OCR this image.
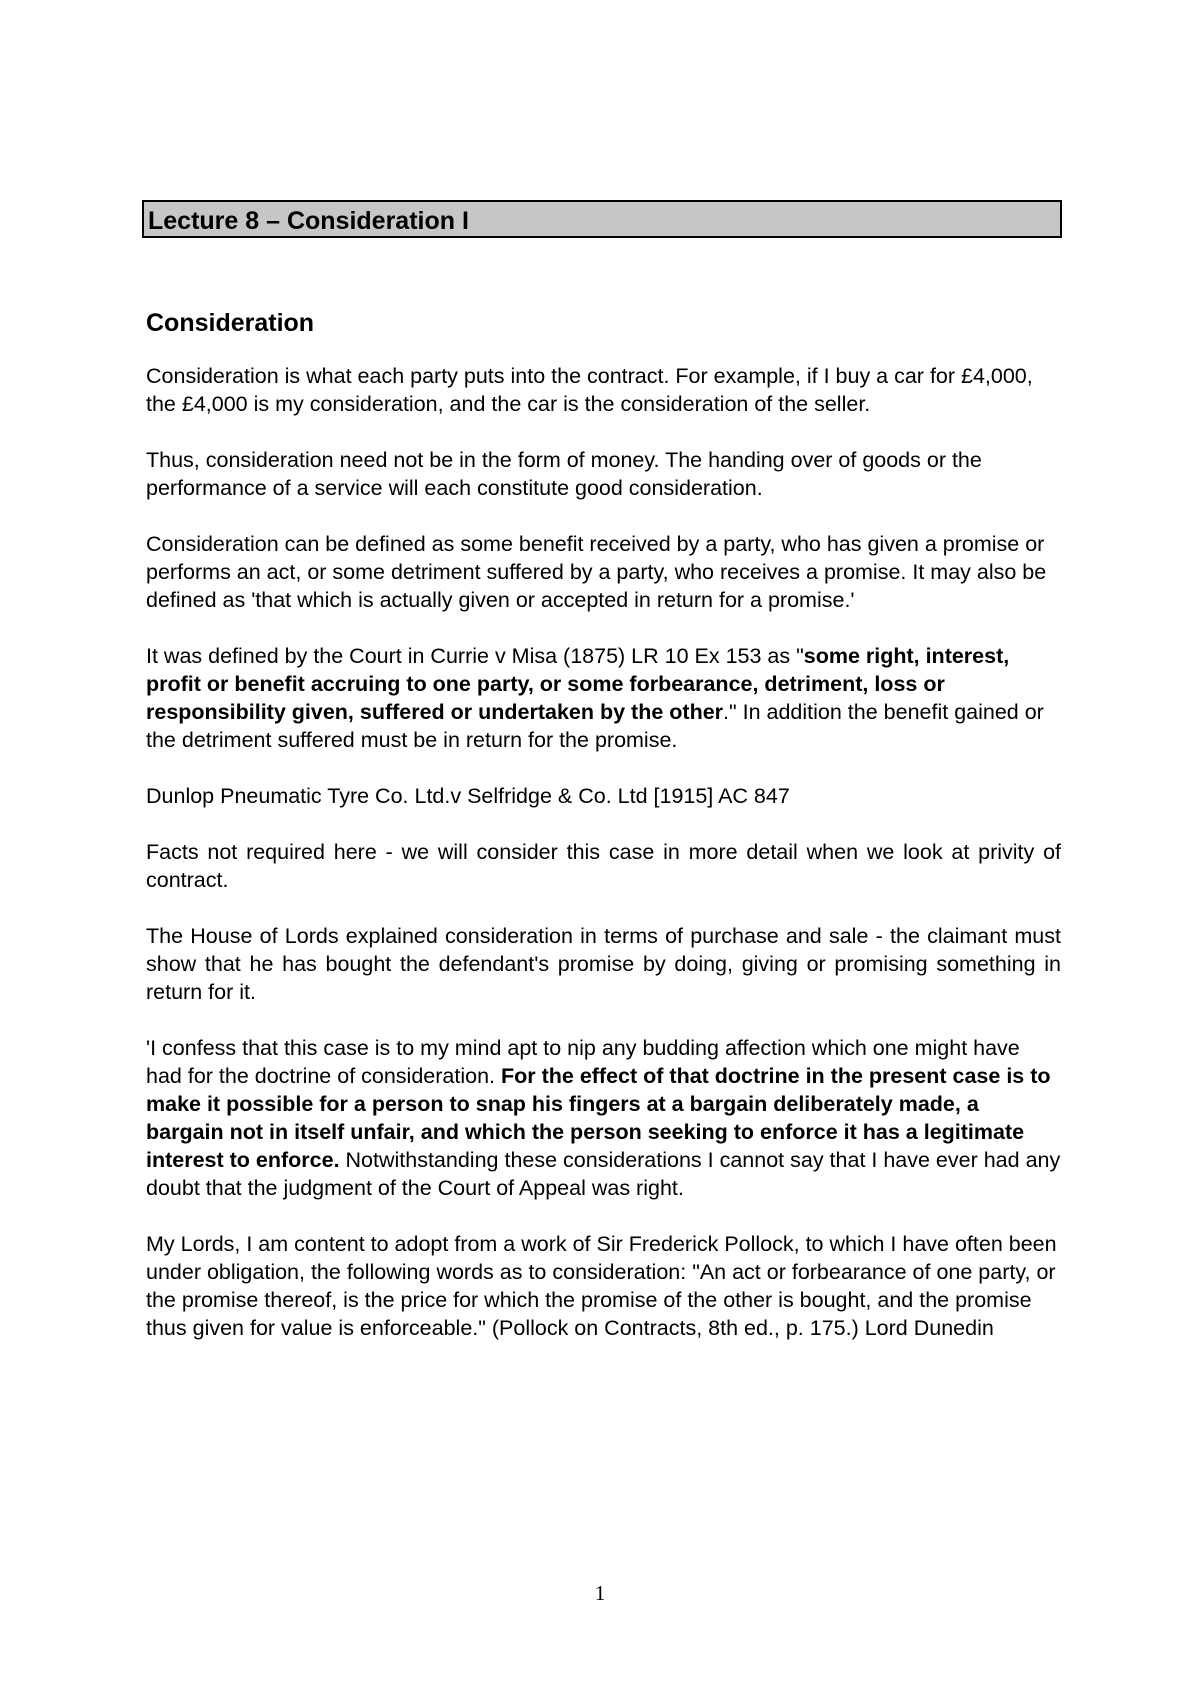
Lecture 8 – Consideration I
Consideration

Consideration is what each party puts into the contract. For example, if I buy a car for £4,000, the £4,000 is my consideration, and the car is the consideration of the seller.

Thus, consideration need not be in the form of money. The handing over of goods or the performance of a service will each constitute good consideration.

Consideration can be defined as some benefit received by a party, who has given a promise or performs an act, or some detriment suffered by a party, who receives a promise. It may also be defined as 'that which is actually given or accepted in return for a promise.'

It was defined by the Court in Currie v Misa (1875) LR 10 Ex 153 as "some right, interest, profit or benefit accruing to one party, or some forbearance, detriment, loss or responsibility given, suffered or undertaken by the other." In addition the benefit gained or the detriment suffered must be in return for the promise.

Dunlop Pneumatic Tyre Co. Ltd.v Selfridge & Co. Ltd [1915] AC 847

Facts not required here - we will consider this case in more detail when we look at privity of contract.

The House of Lords explained consideration in terms of purchase and sale - the claimant must show that he has bought the defendant's promise by doing, giving or promising something in return for it.

'I confess that this case is to my mind apt to nip any budding affection which one might have had for the doctrine of consideration. For the effect of that doctrine in the present case is to make it possible for a person to snap his fingers at a bargain deliberately made, a bargain not in itself unfair, and which the person seeking to enforce it has a legitimate interest to enforce. Notwithstanding these considerations I cannot say that I have ever had any doubt that the judgment of the Court of Appeal was right.

My Lords, I am content to adopt from a work of Sir Frederick Pollock, to which I have often been under obligation, the following words as to consideration: "An act or forbearance of one party, or the promise thereof, is the price for which the promise of the other is bought, and the promise thus given for value is enforceable." (Pollock on Contracts, 8th ed., p. 175.) Lord Dunedin

1
